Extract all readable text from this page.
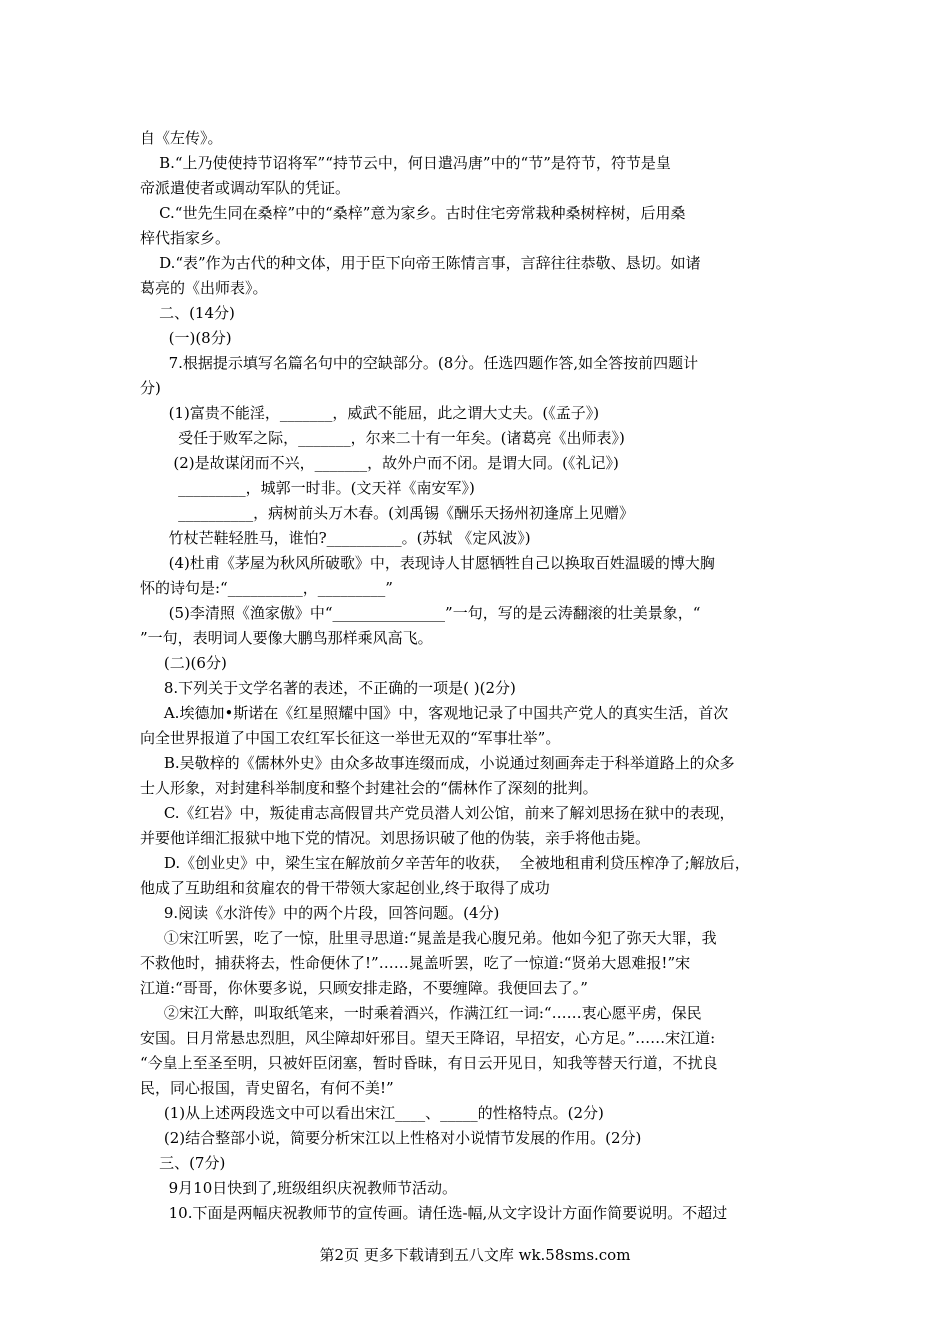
自《左传》。
B.“上乃使使持节诏将军”“持节云中，何日遣冯唐”中的“节”是符节，符节是皇
帝派遣使者或调动军队的凭证。
C.“世先生同在桑梓”中的“桑梓”意为家乡。古时住宅旁常栽种桑树梓树，后用桑
梓代指家乡。
D.“表”作为古代的种文体，用于臣下向帝王陈情言事，言辞往往恭敬、恳切。如诸
葛亮的《出师表》。
二、(14分)
(一)(8分)
7.根据提示填写名篇名句中的空缺部分。(8分。任选四题作答,如全答按前四题计
分)
(1)富贵不能淫，_______，威武不能屈，此之谓大丈夫。(《孟子》)
受任于败军之际，_______，尔来二十有一年矣。(诸葛亮《出师表》)
(2)是故谋闭而不兴，_______，故外户而不闭。是谓大同。(《礼记》)
_________，城郭一时非。(文天祥《南安军》)
__________，病树前头万木春。(刘禹锡《酬乐天扬州初逢席上见赠》
竹杖芒鞋轻胜马，谁怕?__________。(苏轼 《定风波》)
(4)杜甫《茅屋为秋风所破歌》中，表现诗人甘愿牺牲自己以换取百姓温暖的博大胸
怀的诗句是:“__________，_________”
(5)李清照《渔家傲》中“_______________”一句，写的是云涛翻滚的壮美景象，“
”一句，表明词人要像大鹏鸟那样乘风高飞。
(二)(6分)
8.下列关于文学名著的表述，不正确的一项是( )(2分)
A.埃德加•斯诺在《红星照耀中国》中，客观地记录了中国共产党人的真实生活，首次
向全世界报道了中国工农红军长征这一举世无双的“军事壮举”。
B.吴敬梓的《儒林外史》由众多故事连缀而成，小说通过刻画奔走于科举道路上的众多
士人形象，对封建科举制度和整个封建社会的“儒林作了深刻的批判。
C.《红岩》中，叛徒甫志高假冒共产党员潜人刘公馆，前来了解刘思扬在狱中的表现，
并要他详细汇报狱中地下党的情况。刘思扬识破了他的伪装，亲手将他击毙。
D.《创业史》中，梁生宝在解放前夕辛苦年的收获，  全被地租甫利贷压榨净了;解放后，
他成了互助组和贫雇农的骨干带领大家起创业,终于取得了成功
9.阅读《水浒传》中的两个片段，回答问题。(4分)
①宋江听罢，吃了一惊，肚里寻思道:“晁盖是我心腹兄弟。他如今犯了弥天大罪，我
不救他时，捕获将去，性命便休了!”……晁盖听罢，吃了一惊道:“贤弟大恩难报!”宋
江道:“哥哥，你休要多说，只顾安排走路，不要缠障。我便回去了。”
②宋江大醉，叫取纸笔来，一时乘着酒兴，作满江红一词:“……衷心愿平虏，保民
安国。日月常悬忠烈胆，风尘障却奸邪目。望天王降诏，早招安，心方足。”……宋江道:
“今皇上至圣至明，只被奸臣闭塞，暂时昏昧，有日云开见日，知我等替天行道，不扰良
民，同心报国，青史留名，有何不美!”
(1)从上述两段选文中可以看出宋江____、_____的性格特点。(2分)
(2)结合整部小说，简要分析宋江以上性格对小说情节发展的作用。(2分)
三、(7分)
9月10日快到了,班级组织庆祝教师节活动。
10.下面是两幅庆祝教师节的宣传画。请任选-幅,从文字设计方面作简要说明。不超过
第2页 更多下载请到五八文库 wk.58sms.com
